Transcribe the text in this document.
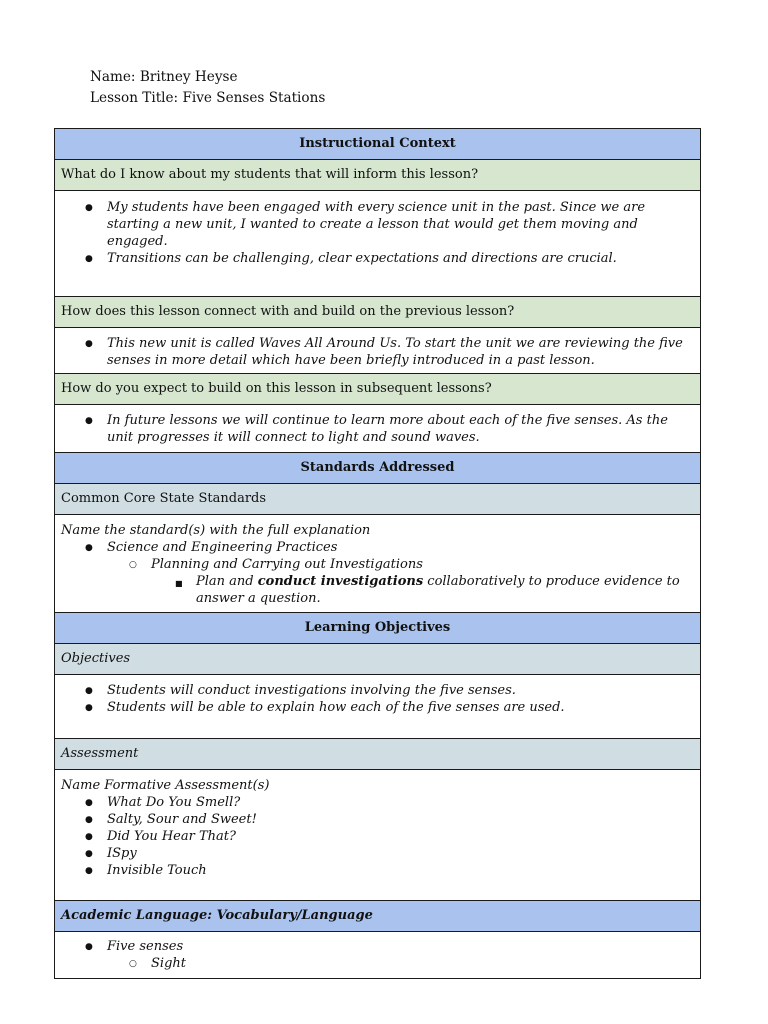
Name: Britney Heyse
Lesson Title: Five Senses Stations
Instructional Context
What do I know about my students that will inform this lesson?

● My students have been engaged with every science unit in the past. Since we are starting a new unit, I wanted to create a lesson that would get them moving and engaged.
● Transitions can be challenging, clear expectations and directions are crucial.

How does this lesson connect with and build on the previous lesson?

● This new unit is called Waves All Around Us. To start the unit we are reviewing the five senses in more detail which have been briefly introduced in a past lesson.

How do you expect to build on this lesson in subsequent lessons?

● In future lessons we will continue to learn more about each of the five senses. As the unit progresses it will connect to light and sound waves.

Standards Addressed
Common Core State Standards

Name the standard(s) with the full explanation
● Science and Engineering Practices
○ Planning and Carrying out Investigations
■ Plan and conduct investigations collaboratively to produce evidence to answer a question.

Learning Objectives
Objectives

● Students will conduct investigations involving the five senses.
● Students will be able to explain how each of the five senses are used.

Assessment

Name Formative Assessment(s)
● What Do You Smell?
● Salty, Sour and Sweet!
● Did You Hear That?
● ISpy
● Invisible Touch

Academic Language: Vocabulary/Language

● Five senses
○ Sight
